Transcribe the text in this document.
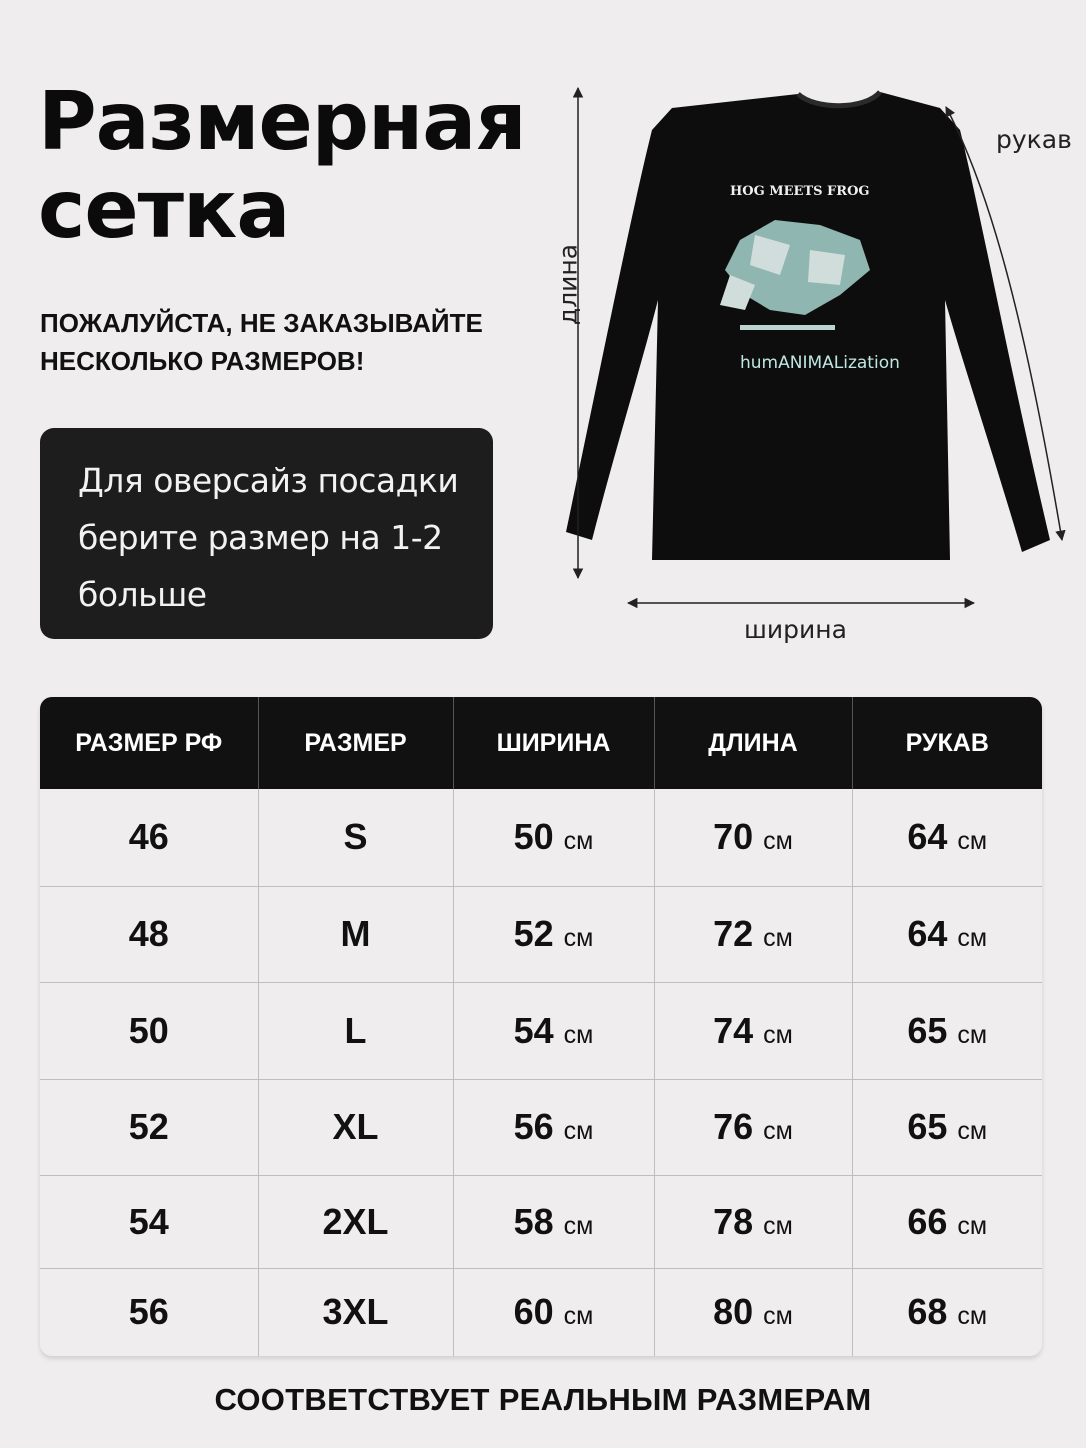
Размерная
сетка
ПОЖАЛУЙСТА, НЕ ЗАКАЗЫВАЙТЕ
НЕСКОЛЬКО РАЗМЕРОВ!
Для оверсайз посадки
берите размер на 1-2
больше
HOG MEETS FROG
humANIMALization
рукав
ширина
длина
РАЗМЕР РФ	РАЗМЕР	ШИРИНА	ДЛИНА	РУКАВ
46	S	50 см	70 см	64 см
48	M	52 см	72 см	64 см
50	L	54 см	74 см	65 см
52	XL	56 см	76 см	65 см
54	2XL	58 см	78 см	66 см
56	3XL	60 см	80 см	68 см
СООТВЕТСТВУЕТ РЕАЛЬНЫМ РАЗМЕРАМ
